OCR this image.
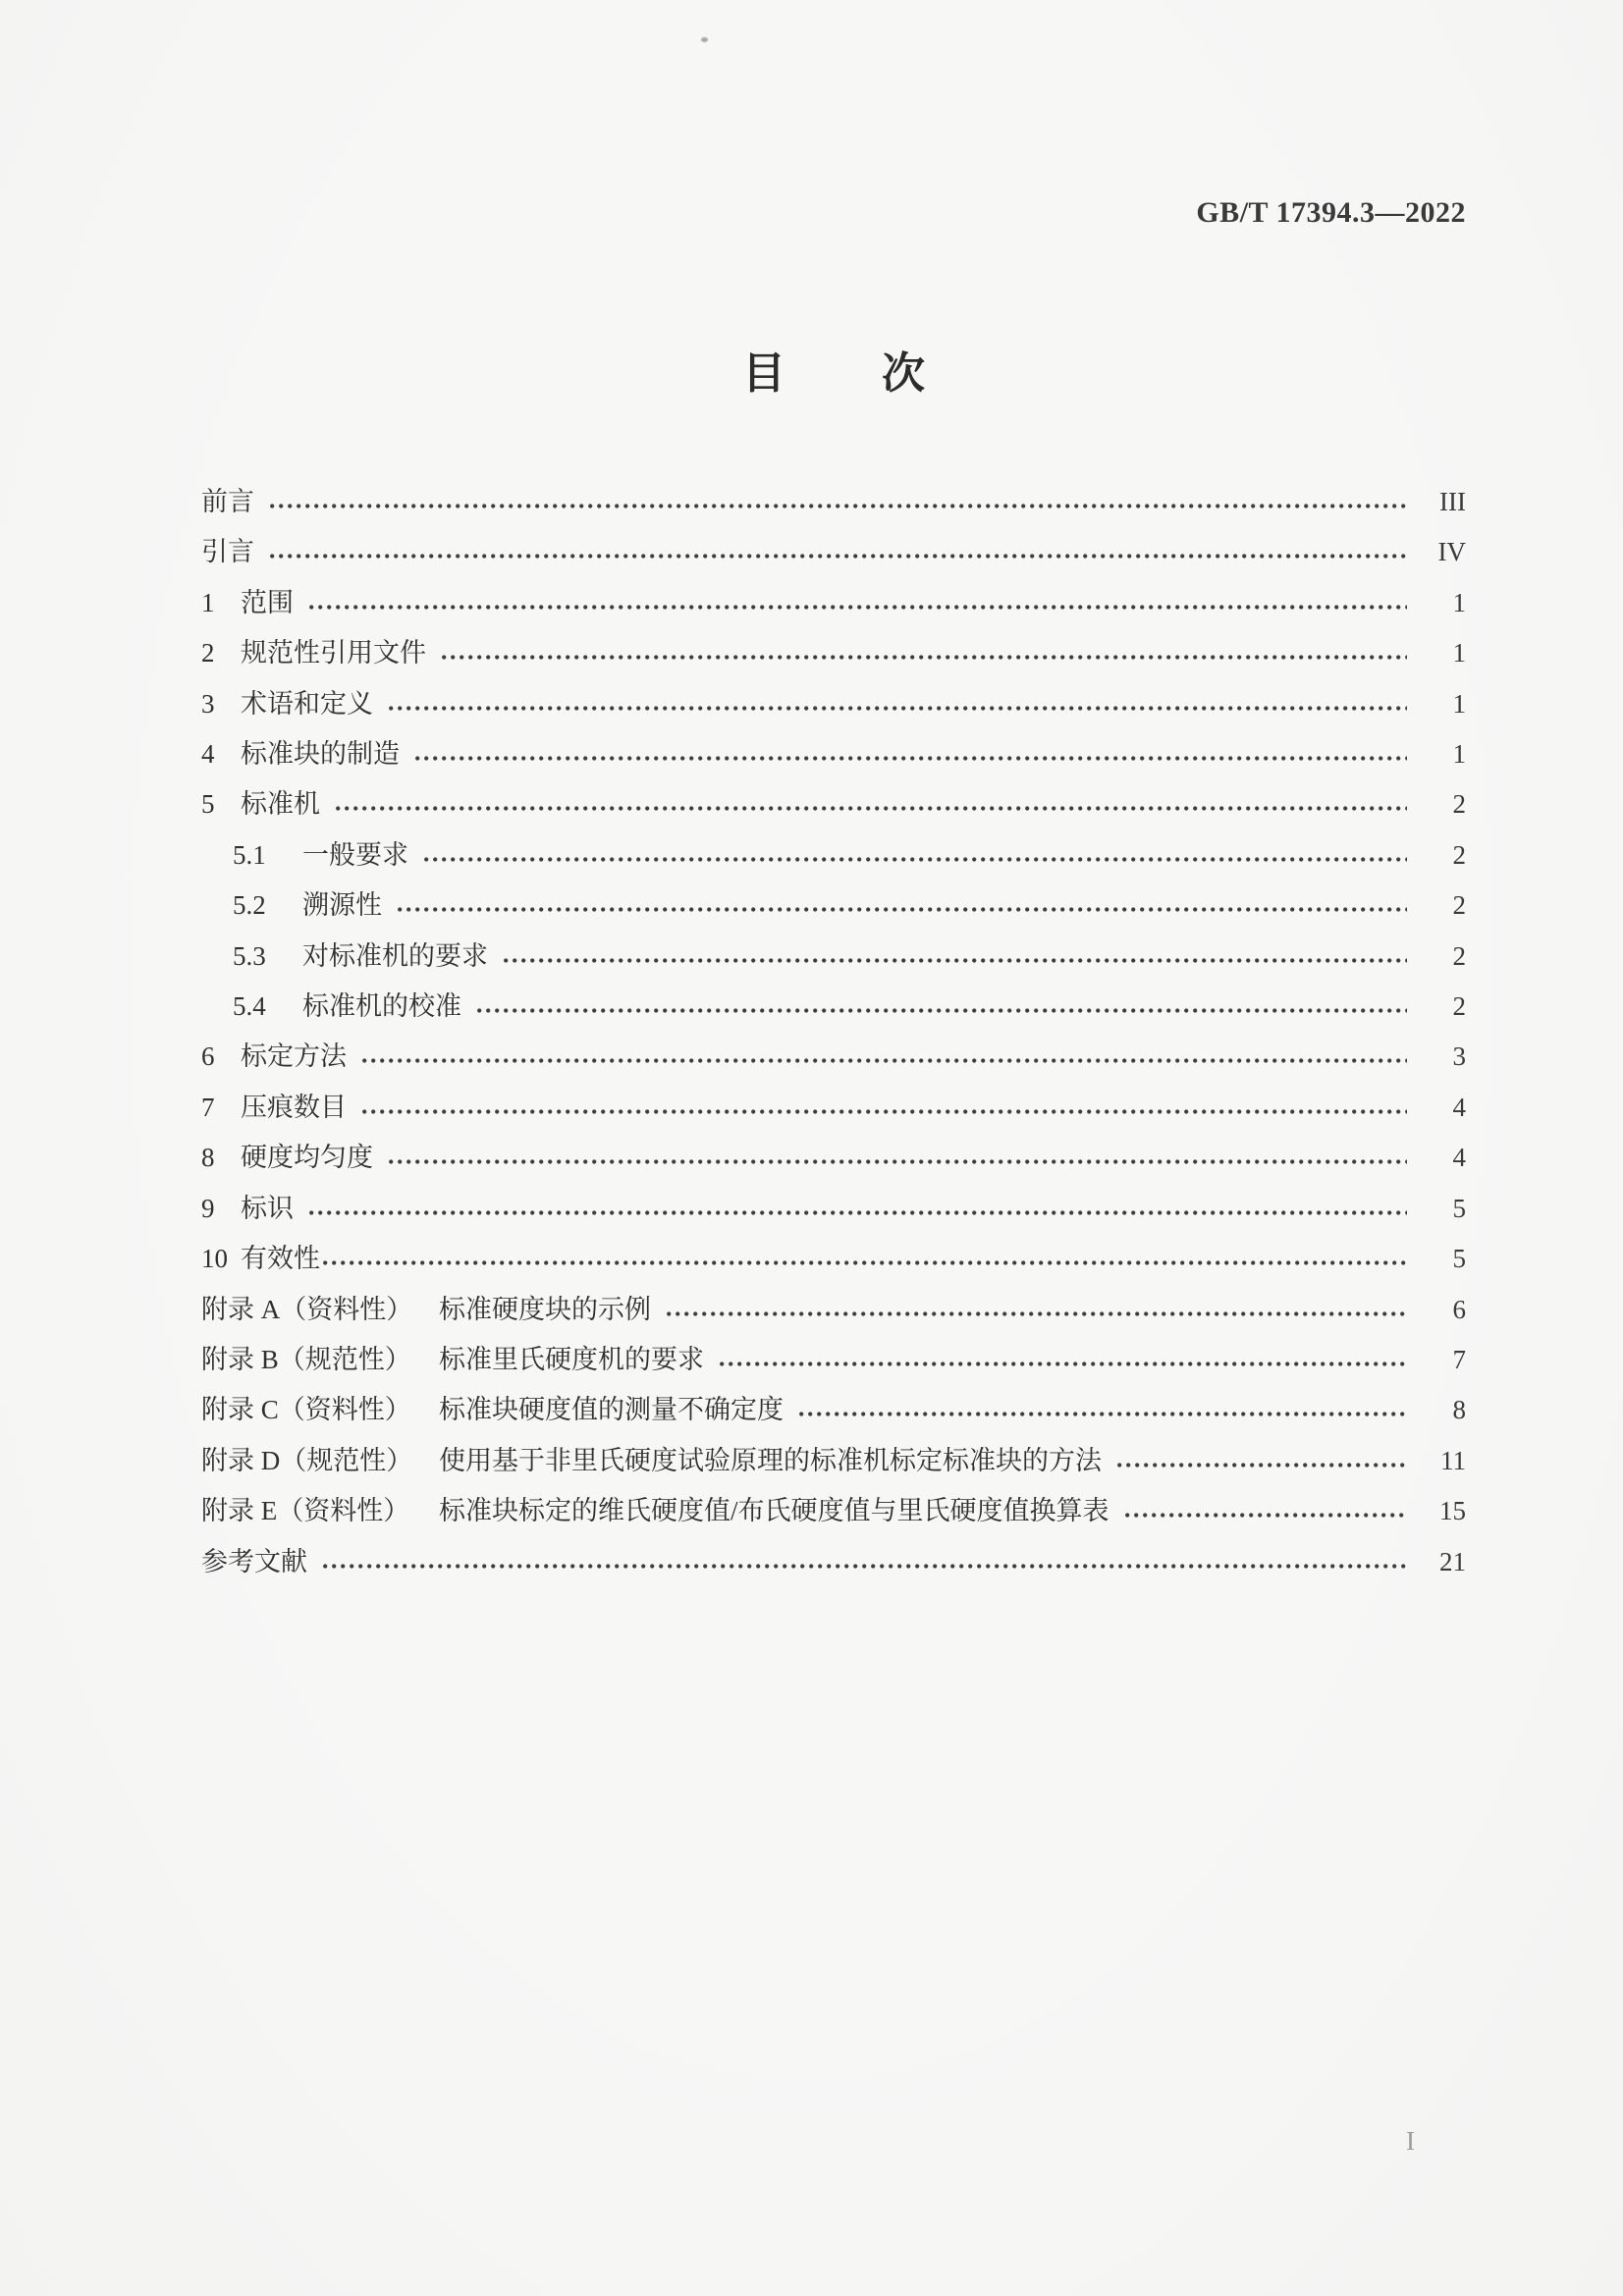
GB/T 17394.3—2022
目 次
前言	III
引言	IV
1 范围	1
2 规范性引用文件	1
3 术语和定义	1
4 标准块的制造	1
5 标准机	2
5.1	一般要求	2
5.2	溯源性	2
5.3	对标准机的要求	2
5.4	标准机的校准	2
6 标定方法	3
7 压痕数目	4
8 硬度均匀度	4
9 标识	5
10 有效性	5
附录 A（资料性） 标准硬度块的示例	6
附录 B（规范性）	标准里氏硬度机的要求	7
附录 C（资料性）	标准块硬度值的测量不确定度	8
附录 D（规范性） 使用基于非里氏硬度试验原理的标准机标定标准块的方法	11
附录 E（资料性）	标准块标定的维氏硬度值/布氏硬度值与里氏硬度值换算表	15
参考文献	21
I
